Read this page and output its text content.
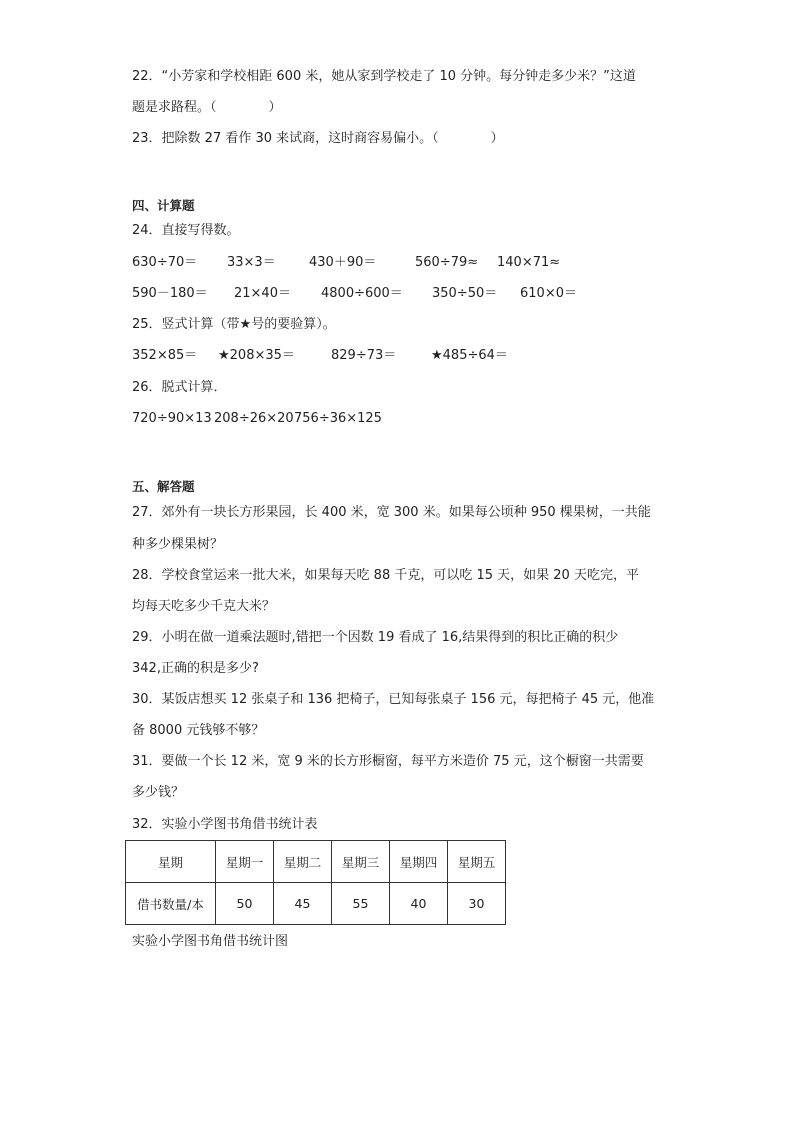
22．“小芳家和学校相距 600 米，她从家到学校走了 10 分钟。每分钟走多少米？”这道
题是求路程。（　　　　）
23．把除数 27 看作 30 来试商，这时商容易偏小。（　　　　）
四、计算题
24．直接写得数。
630÷70＝ 33×3＝	430＋90＝	560÷79≈ 140×71≈
590－180＝ 21×40＝ 4800÷600＝ 350÷50＝ 610×0＝
25．竖式计算（带★号的要验算）。
352×85＝ ★208×35＝	829÷73＝	★485÷64＝
26．脱式计算．
720÷90×13 208÷26×20 756÷36×125
五、解答题
27．郊外有一块长方形果园，长 400 米，宽 300 米。如果每公顷种 950 棵果树，一共能
种多少棵果树？
28．学校食堂运来一批大米，如果每天吃 88 千克，可以吃 15 天，如果 20 天吃完，平
均每天吃多少千克大米？
29．小明在做一道乘法题时,错把一个因数 19 看成了 16,结果得到的积比正确的积少
342,正确的积是多少?
30．某饭店想买 12 张桌子和 136 把椅子，已知每张桌子 156 元，每把椅子 45 元，他准
备 8000 元钱够不够？
31．要做一个长 12 米，宽 9 米的长方形橱窗，每平方米造价 75 元，这个橱窗一共需要
多少钱？
32．实验小学图书角借书统计表
星期	星期一	星期二	星期三	星期四	星期五
借书数量/本	50	45	55	40	30
实验小学图书角借书统计图
